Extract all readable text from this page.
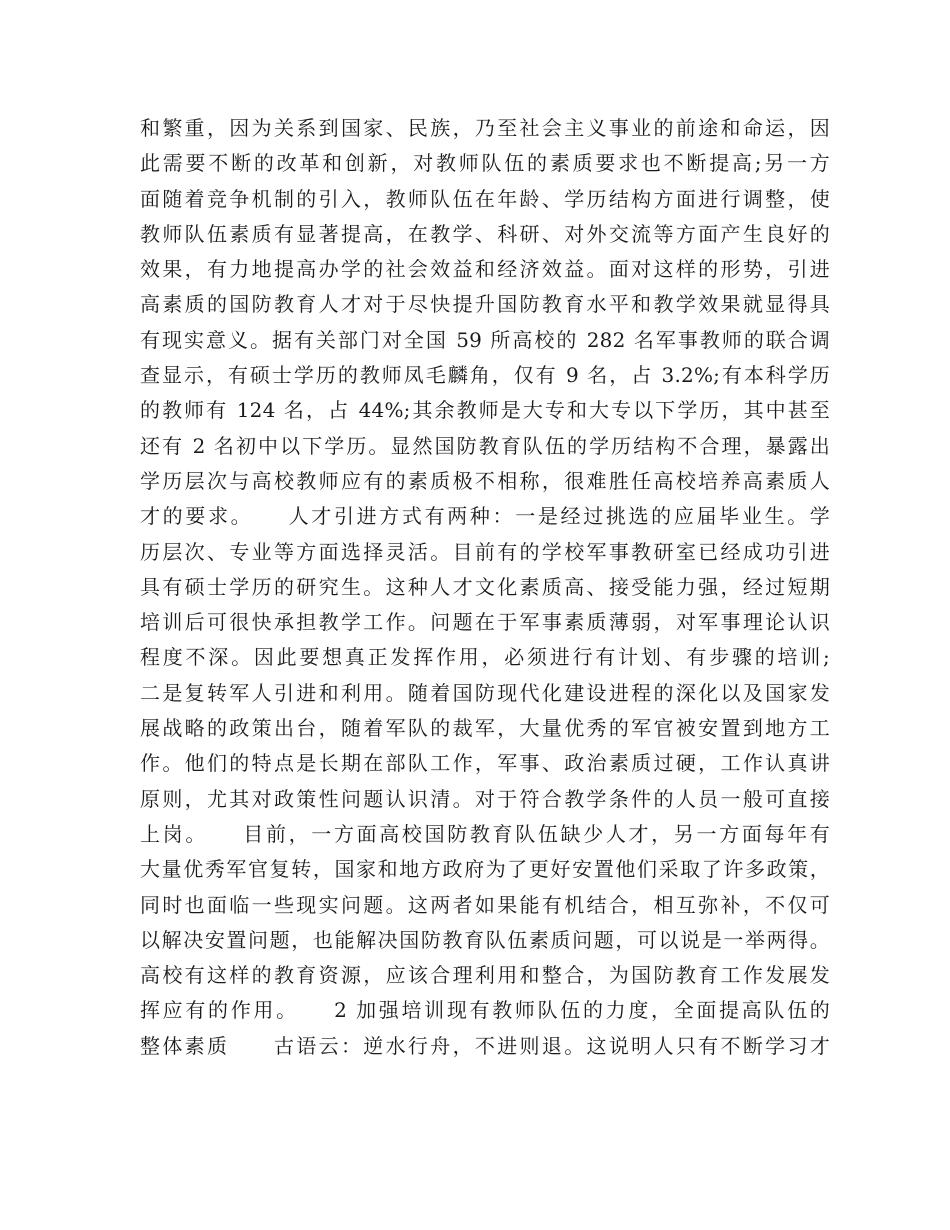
和繁重，因为关系到国家、民族，乃至社会主义事业的前途和命运，因
此需要不断的改革和创新，对教师队伍的素质要求也不断提高;另一方
面随着竞争机制的引入，教师队伍在年龄、学历结构方面进行调整，使
教师队伍素质有显著提高，在教学、科研、对外交流等方面产生良好的
效果，有力地提高办学的社会效益和经济效益。面对这样的形势，引进
高素质的国防教育人才对于尽快提升国防教育水平和教学效果就显得具
有现实意义。据有关部门对全国 59 所高校的 282 名军事教师的联合调
查显示，有硕士学历的教师凤毛麟角，仅有 9 名，占 3.2%;有本科学历
的教师有 124 名，占 44%;其余教师是大专和大专以下学历，其中甚至
还有 2 名初中以下学历。显然国防教育队伍的学历结构不合理，暴露出
学历层次与高校教师应有的素质极不相称，很难胜任高校培养高素质人
才的要求。　　人才引进方式有两种：一是经过挑选的应届毕业生。学
历层次、专业等方面选择灵活。目前有的学校军事教研室已经成功引进
具有硕士学历的研究生。这种人才文化素质高、接受能力强，经过短期
培训后可很快承担教学工作。问题在于军事素质薄弱，对军事理论认识
程度不深。因此要想真正发挥作用，必须进行有计划、有步骤的培训;
二是复转军人引进和利用。随着国防现代化建设进程的深化以及国家发
展战略的政策出台，随着军队的裁军，大量优秀的军官被安置到地方工
作。他们的特点是长期在部队工作，军事、政治素质过硬，工作认真讲
原则，尤其对政策性问题认识清。对于符合教学条件的人员一般可直接
上岗。　　目前，一方面高校国防教育队伍缺少人才，另一方面每年有
大量优秀军官复转，国家和地方政府为了更好安置他们采取了许多政策，
同时也面临一些现实问题。这两者如果能有机结合，相互弥补，不仅可
以解决安置问题，也能解决国防教育队伍素质问题，可以说是一举两得。
高校有这样的教育资源，应该合理利用和整合，为国防教育工作发展发
挥应有的作用。　　2 加强培训现有教师队伍的力度，全面提高队伍的
整体素质　　古语云：逆水行舟，不进则退。这说明人只有不断学习才
